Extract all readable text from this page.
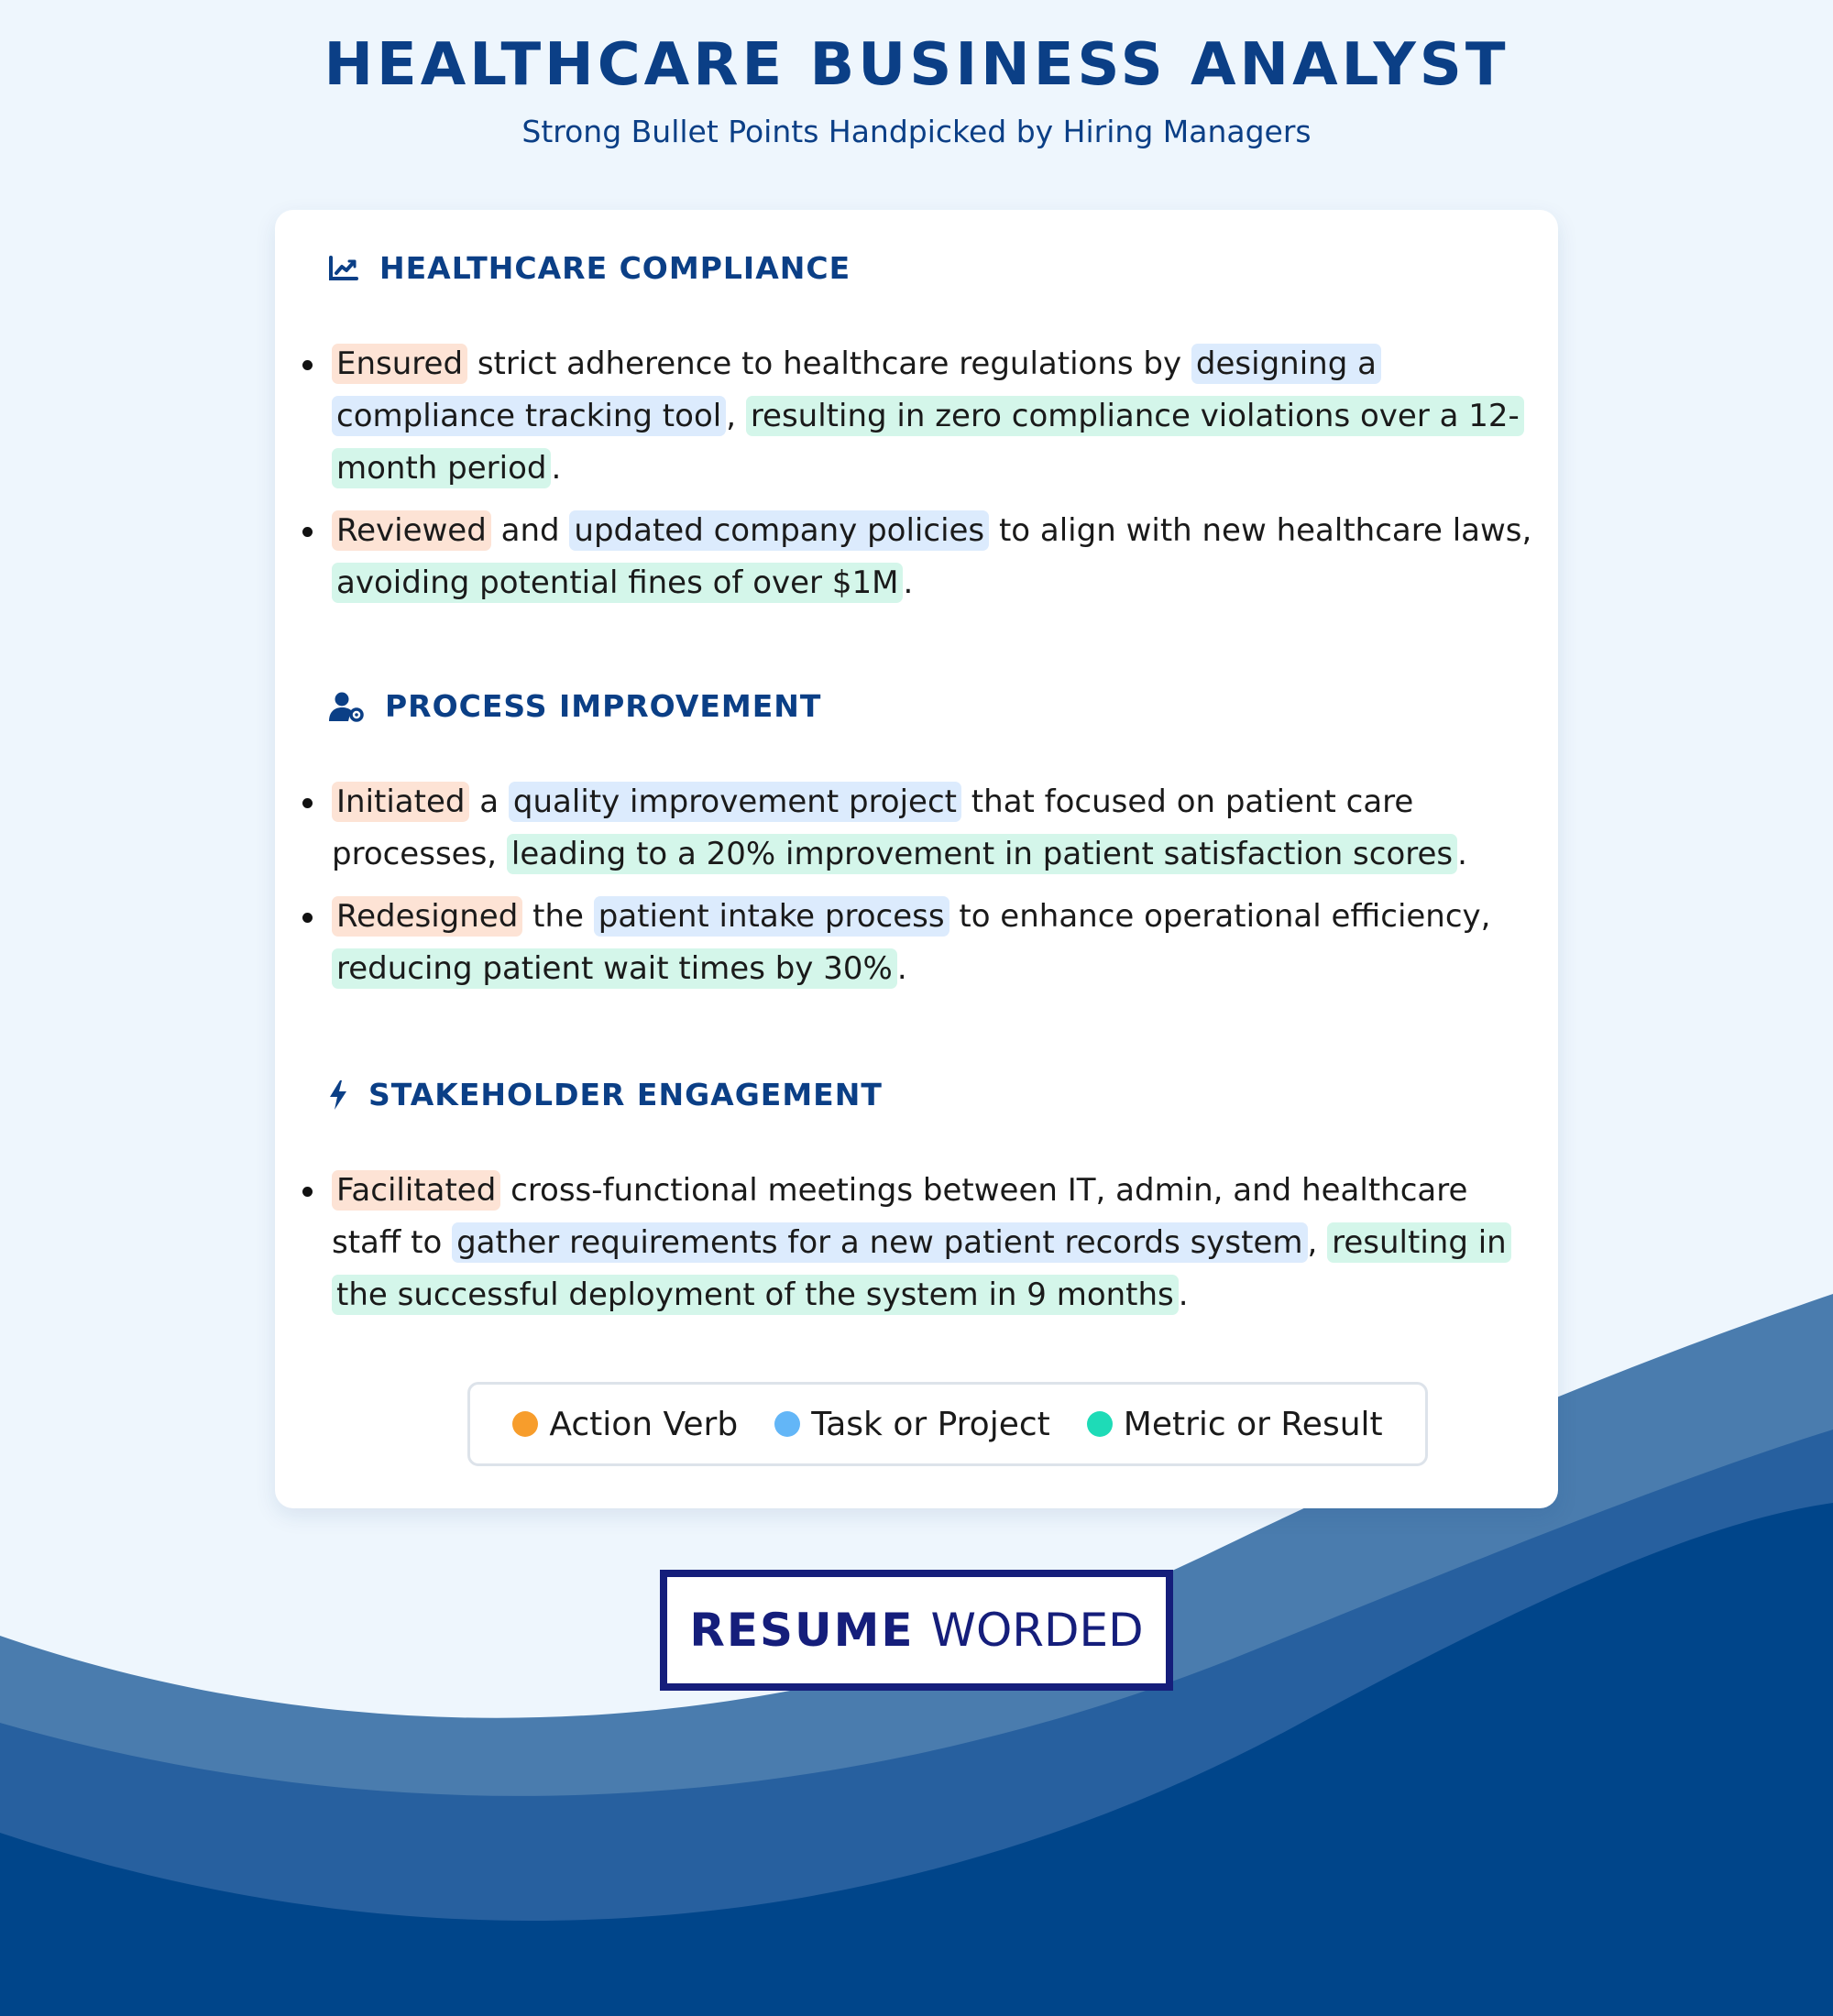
HEALTHCARE BUSINESS ANALYST
Strong Bullet Points Handpicked by Hiring Managers
HEALTHCARE COMPLIANCE
Ensured strict adherence to healthcare regulations by designing a compliance tracking tool , resulting in zero compliance violations over a 12-month period .
Reviewed and updated company policies to align with new healthcare laws, avoiding potential fines of over $1M .
PROCESS IMPROVEMENT
Initiated a quality improvement project that focused on patient care processes, leading to a 20% improvement in patient satisfaction scores .
Redesigned the patient intake process to enhance operational efficiency, reducing patient wait times by 30% .
STAKEHOLDER ENGAGEMENT
Facilitated cross-functional meetings between IT, admin, and healthcare staff to gather requirements for a new patient records system , resulting in the successful deployment of the system in 9 months .
Action Verb Task or Project Metric or Result
RESUME WORDED
